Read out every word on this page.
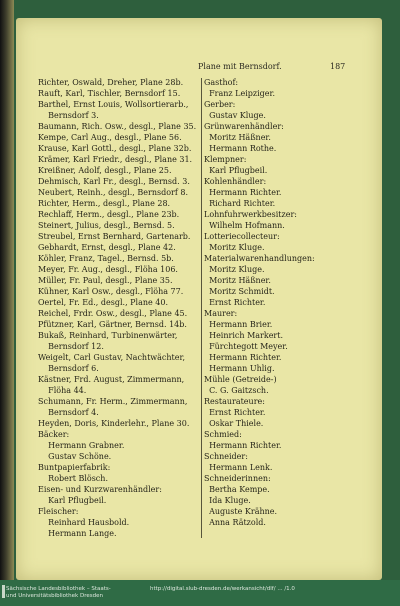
Plane mit Bernsdorf.	187
Richter, Oswald, Dreher, Plane 28b.
Rauft, Karl, Tischler, Bernsdorf 15.
Barthel, Ernst Louis, Wollsortierarb.,
Bernsdorf 3.
Baumann, Rich. Osw., desgl., Plane 35.
Kempe, Carl Aug., desgl., Plane 56.
Krause, Karl Gottl., desgl., Plane 32b.
Krämer, Karl Friedr., desgl., Plane 31.
Kreißner, Adolf, desgl., Plane 25.
Dehmisch, Karl Fr., desgl., Bernsd. 3.
Neubert, Reinh., desgl., Bernsdorf 8.
Richter, Herm., desgl., Plane 28.
Rechlaff, Herm., desgl., Plane 23b.
Steinert, Julius, desgl., Bernsd. 5.
Streubel, Ernst Bernhard, Gartenarb.
Gebhardt, Ernst, desgl., Plane 42.
Köhler, Franz, Tagel., Bernsd. 5b.
Meyer, Fr. Aug., desgl., Flöha 106.
Müller, Fr. Paul, desgl., Plane 35.
Kühner, Karl Osw., desgl., Flöha 77.
Oertel, Fr. Ed., desgl., Plane 40.
Reichel, Frdr. Osw., desgl., Plane 45.
Pfützner, Karl, Gärtner, Bernsd. 14b.
Bukaß, Reinhard, Turbinenwärter,
Bernsdorf 12.
Weigelt, Carl Gustav, Nachtwächter,
Bernsdorf 6.
Kästner, Frd. August, Zimmermann,
Flöha 44.
Schumann, Fr. Herm., Zimmermann,
Bernsdorf 4.
Heyden, Doris, Kinderlehr., Plane 30.
Bäcker:
Hermann Grabner.
Gustav Schöne.
Buntpapierfabrik:
Robert Blösch.
Eisen- und Kurzwarenhändler:
Karl Pflugbeil.
Fleischer:
Reinhard Hausbold.
Hermann Lange.
Gasthof:
Franz Leipziger.
Gerber:
Gustav Kluge.
Grünwarenhändler:
Moritz Häßner.
Hermann Rothe.
Klempner:
Karl Pflugbeil.
Kohlenhändler:
Hermann Richter.
Richard Richter.
Lohnfuhrwerkbesitzer:
Wilhelm Hofmann.
Lotteriecollecteur:
Moritz Kluge.
Materialwarenhandlungen:
Moritz Kluge.
Moritz Häßner.
Moritz Schmidt.
Ernst Richter.
Maurer:
Hermann Brier.
Heinrich Markert.
Fürchtegott Meyer.
Hermann Richter.
Hermann Uhlig.
Mühle (Getreide-)
C. G. Gaitzsch.
Restaurateure:
Ernst Richter.
Oskar Thiele.
Schmied:
Hermann Richter.
Schneider:
Hermann Lenk.
Schneiderinnen:
Bertha Kempe.
Ida Kluge.
Auguste Krähne.
Anna Rätzold.
Sächsische Landesbibliothek – Staats- und Universitätsbibliothek Dresden
http://digital.slub-dresden.de/werkansicht/dlf/ ... /1.0
